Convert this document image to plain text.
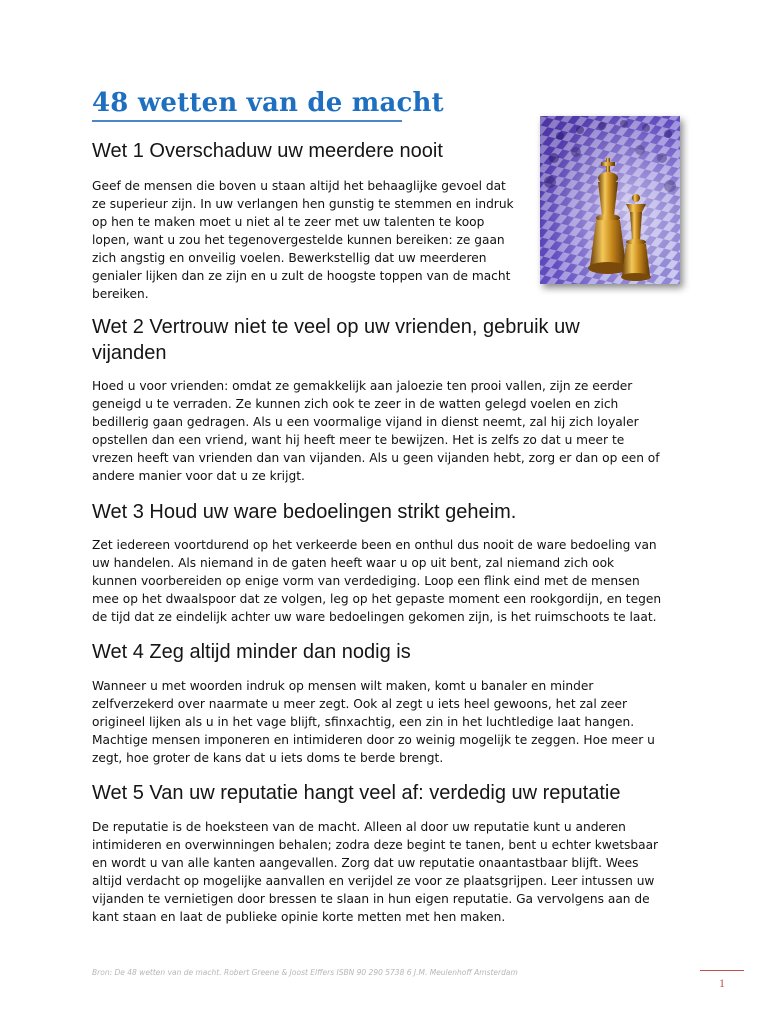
48 wetten van de macht
Wet 1 Overschaduw uw meerdere nooit
Geef de mensen die boven u staan altijd het behaaglijke gevoel dat
ze superieur zijn. In uw verlangen hen gunstig te stemmen en indruk
op hen te maken moet u niet al te zeer met uw talenten te koop
lopen, want u zou het tegenovergestelde kunnen bereiken: ze gaan
zich angstig en onveilig voelen. Bewerkstellig dat uw meerderen
genialer lijken dan ze zijn en u zult de hoogste toppen van de macht
bereiken.
Wet 2 Vertrouw niet te veel op uw vrienden, gebruik uw
vijanden
Hoed u voor vrienden: omdat ze gemakkelijk aan jaloezie ten prooi vallen, zijn ze eerder
geneigd u te verraden. Ze kunnen zich ook te zeer in de watten gelegd voelen en zich
bedillerig gaan gedragen. Als u een voormalige vijand in dienst neemt, zal hij zich loyaler
opstellen dan een vriend, want hij heeft meer te bewijzen. Het is zelfs zo dat u meer te
vrezen heeft van vrienden dan van vijanden. Als u geen vijanden hebt, zorg er dan op een of
andere manier voor dat u ze krijgt.
Wet 3 Houd uw ware bedoelingen strikt geheim.
Zet iedereen voortdurend op het verkeerde been en onthul dus nooit de ware bedoeling van
uw handelen. Als niemand in de gaten heeft waar u op uit bent, zal niemand zich ook
kunnen voorbereiden op enige vorm van verdediging. Loop een flink eind met de mensen
mee op het dwaalspoor dat ze volgen, leg op het gepaste moment een rookgordijn, en tegen
de tijd dat ze eindelijk achter uw ware bedoelingen gekomen zijn, is het ruimschoots te laat.
Wet 4 Zeg altijd minder dan nodig is
Wanneer u met woorden indruk op mensen wilt maken, komt u banaler en minder
zelfverzekerd over naarmate u meer zegt. Ook al zegt u iets heel gewoons, het zal zeer
origineel lijken als u in het vage blijft, sfinxachtig, een zin in het luchtledige laat hangen.
Machtige mensen imponeren en intimideren door zo weinig mogelijk te zeggen. Hoe meer u
zegt, hoe groter de kans dat u iets doms te berde brengt.
Wet 5 Van uw reputatie hangt veel af: verdedig uw reputatie
De reputatie is de hoeksteen van de macht. Alleen al door uw reputatie kunt u anderen
intimideren en overwinningen behalen; zodra deze begint te tanen, bent u echter kwetsbaar
en wordt u van alle kanten aangevallen. Zorg dat uw reputatie onaantastbaar blijft. Wees
altijd verdacht op mogelijke aanvallen en verijdel ze voor ze plaatsgrijpen. Leer intussen uw
vijanden te vernietigen door bressen te slaan in hun eigen reputatie. Ga vervolgens aan de
kant staan en laat de publieke opinie korte metten met hen maken.
Bron: De 48 wetten van de macht. Robert Greene & Joost Elffers ISBN 90 290 5738 6 J.M. Meulenhoff Amsterdam
1
